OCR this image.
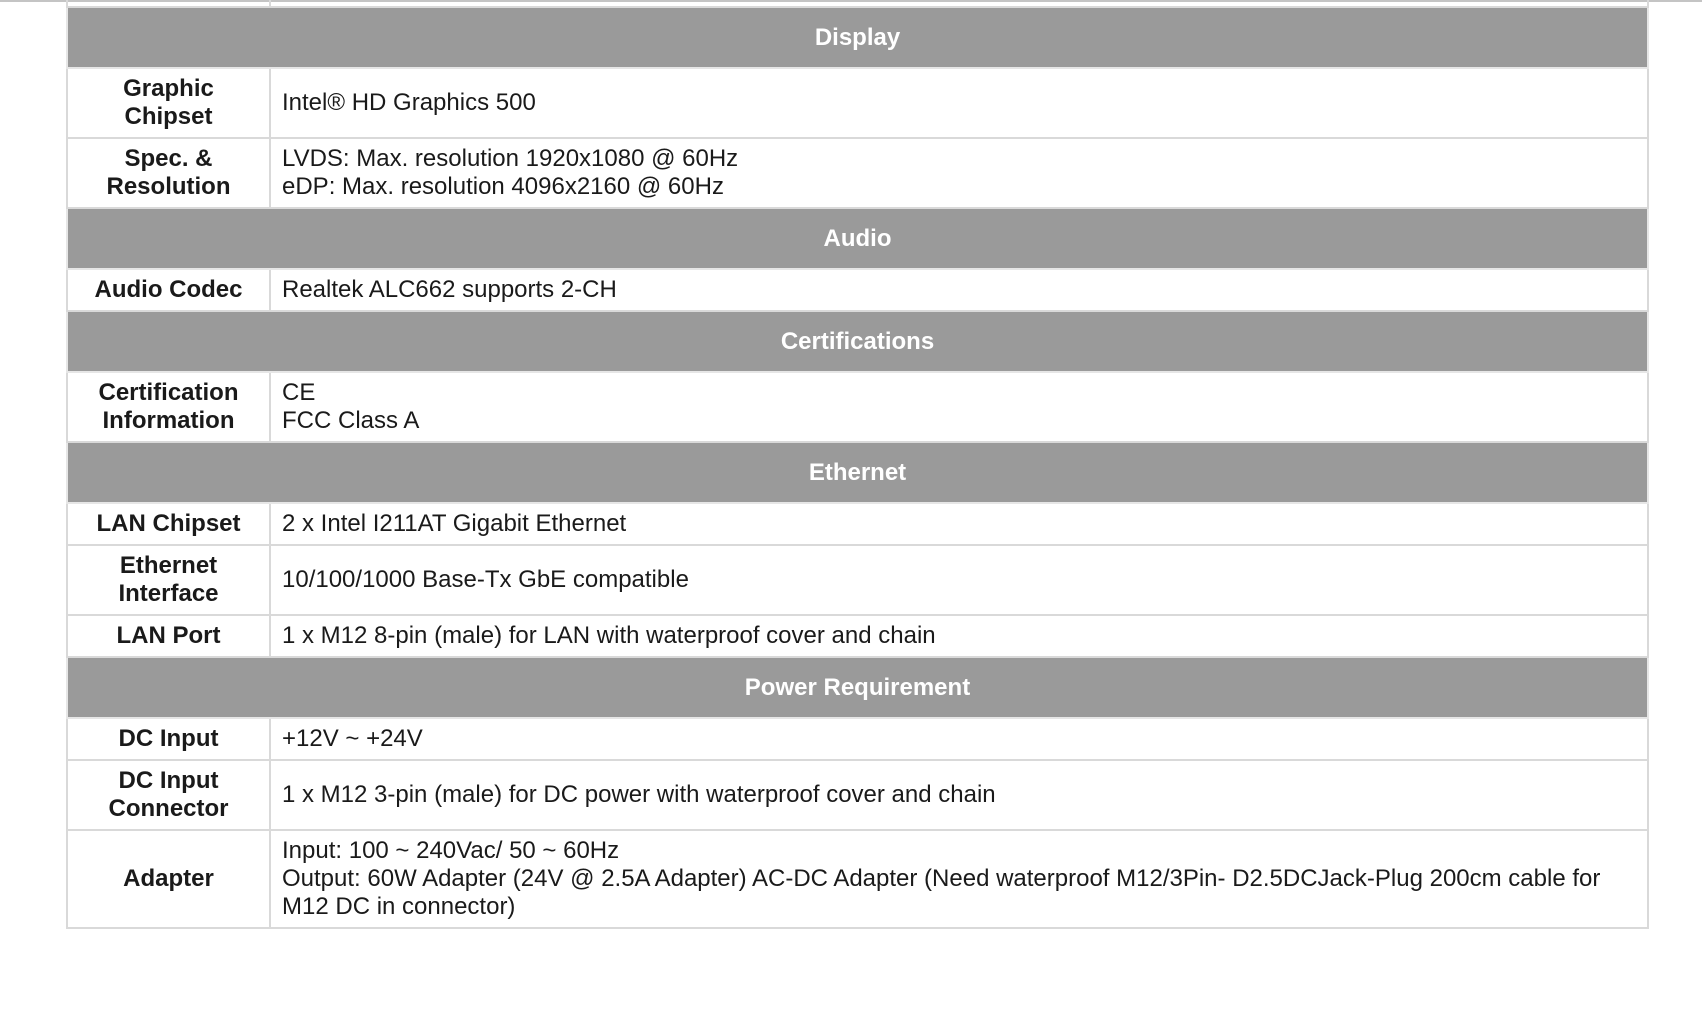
Display	

Graphic
Chipset	Intel® HD Graphics 500

Spec. &
Resolution	LVDS: Max. resolution 1920x1080 @ 60Hz
eDP: Max. resolution 4096x2160 @ 60Hz

Audio	

Audio Codec	Realtek ALC662 supports 2-CH

Certifications	

Certification
Information	CE
FCC Class A

Ethernet	

LAN Chipset	2 x Intel I211AT Gigabit Ethernet

Ethernet
Interface	10/100/1000 Base-Tx GbE compatible

LAN Port	1 x M12 8-pin (male) for LAN with waterproof cover and chain

Power Requirement	

DC Input	+12V ~ +24V

DC Input
Connector	1 x M12 3-pin (male) for DC power with waterproof cover and chain

Adapter	Input: 100 ~ 240Vac/ 50 ~ 60Hz
Output: 60W Adapter (24V @ 2.5A Adapter) AC-DC Adapter (Need waterproof M12/3Pin- D2.5DCJack-Plug 200cm cable for
M12 DC in connector)
